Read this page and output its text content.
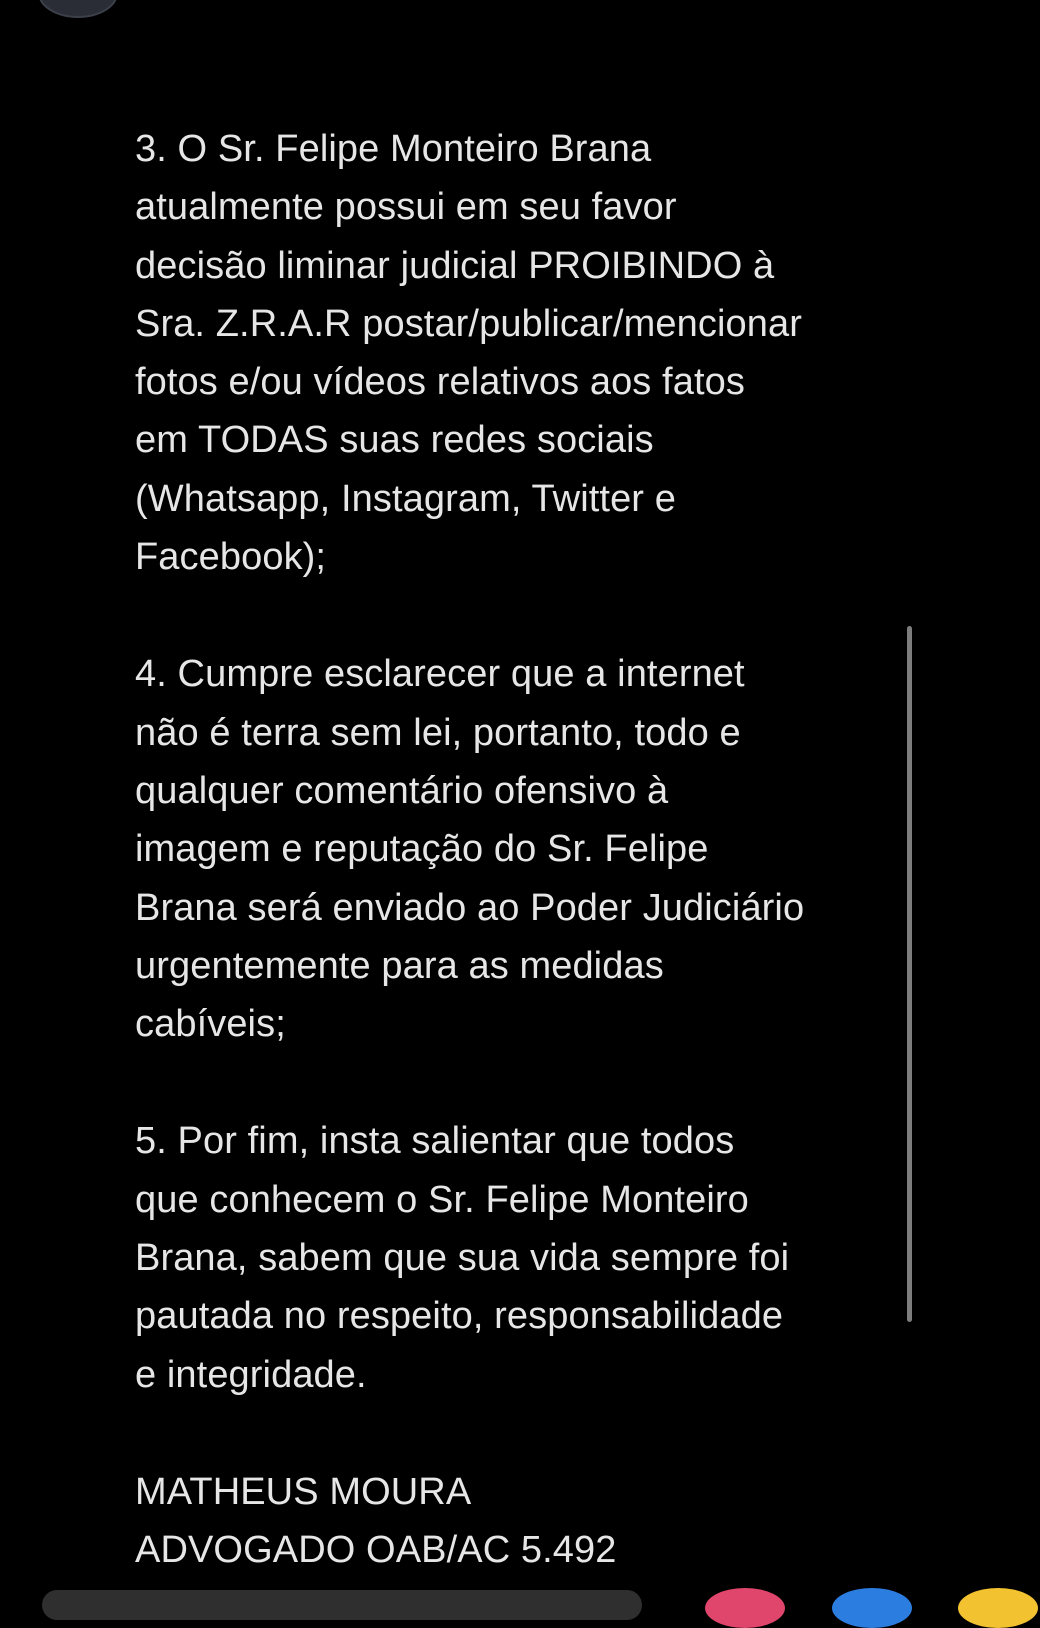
3. O Sr. Felipe Monteiro Brana
atualmente possui em seu favor
decisão liminar judicial PROIBINDO à
Sra. Z.R.A.R postar/publicar/mencionar
fotos e/ou vídeos relativos aos fatos
em TODAS suas redes sociais
(Whatsapp, Instagram, Twitter e
Facebook);

4. Cumpre esclarecer que a internet
não é terra sem lei, portanto, todo e
qualquer comentário ofensivo à
imagem e reputação do Sr. Felipe
Brana será enviado ao Poder Judiciário
urgentemente para as medidas
cabíveis;

5. Por fim, insta salientar que todos
que conhecem o Sr. Felipe Monteiro
Brana, sabem que sua vida sempre foi
pautada no respeito, responsabilidade
e integridade.

MATHEUS MOURA
ADVOGADO OAB/AC 5.492
